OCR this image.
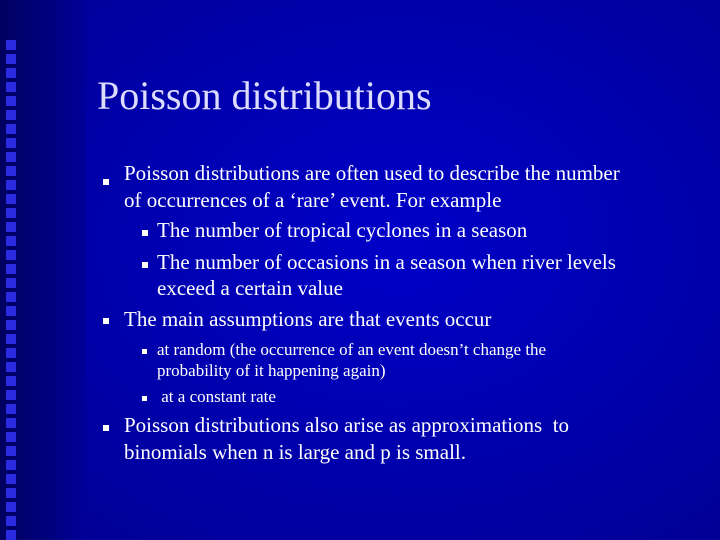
Poisson distributions
Poisson distributions are often used to describe the number
of occurrences of a ‘rare’ event. For example
The number of tropical cyclones in a season
The number of occasions in a season when river levels
exceed a certain value
The main assumptions are that events occur
at random (the occurrence of an event doesn’t change the
probability of it happening again)
at a constant rate
Poisson distributions also arise as approximations  to
binomials when n is large and p is small.
